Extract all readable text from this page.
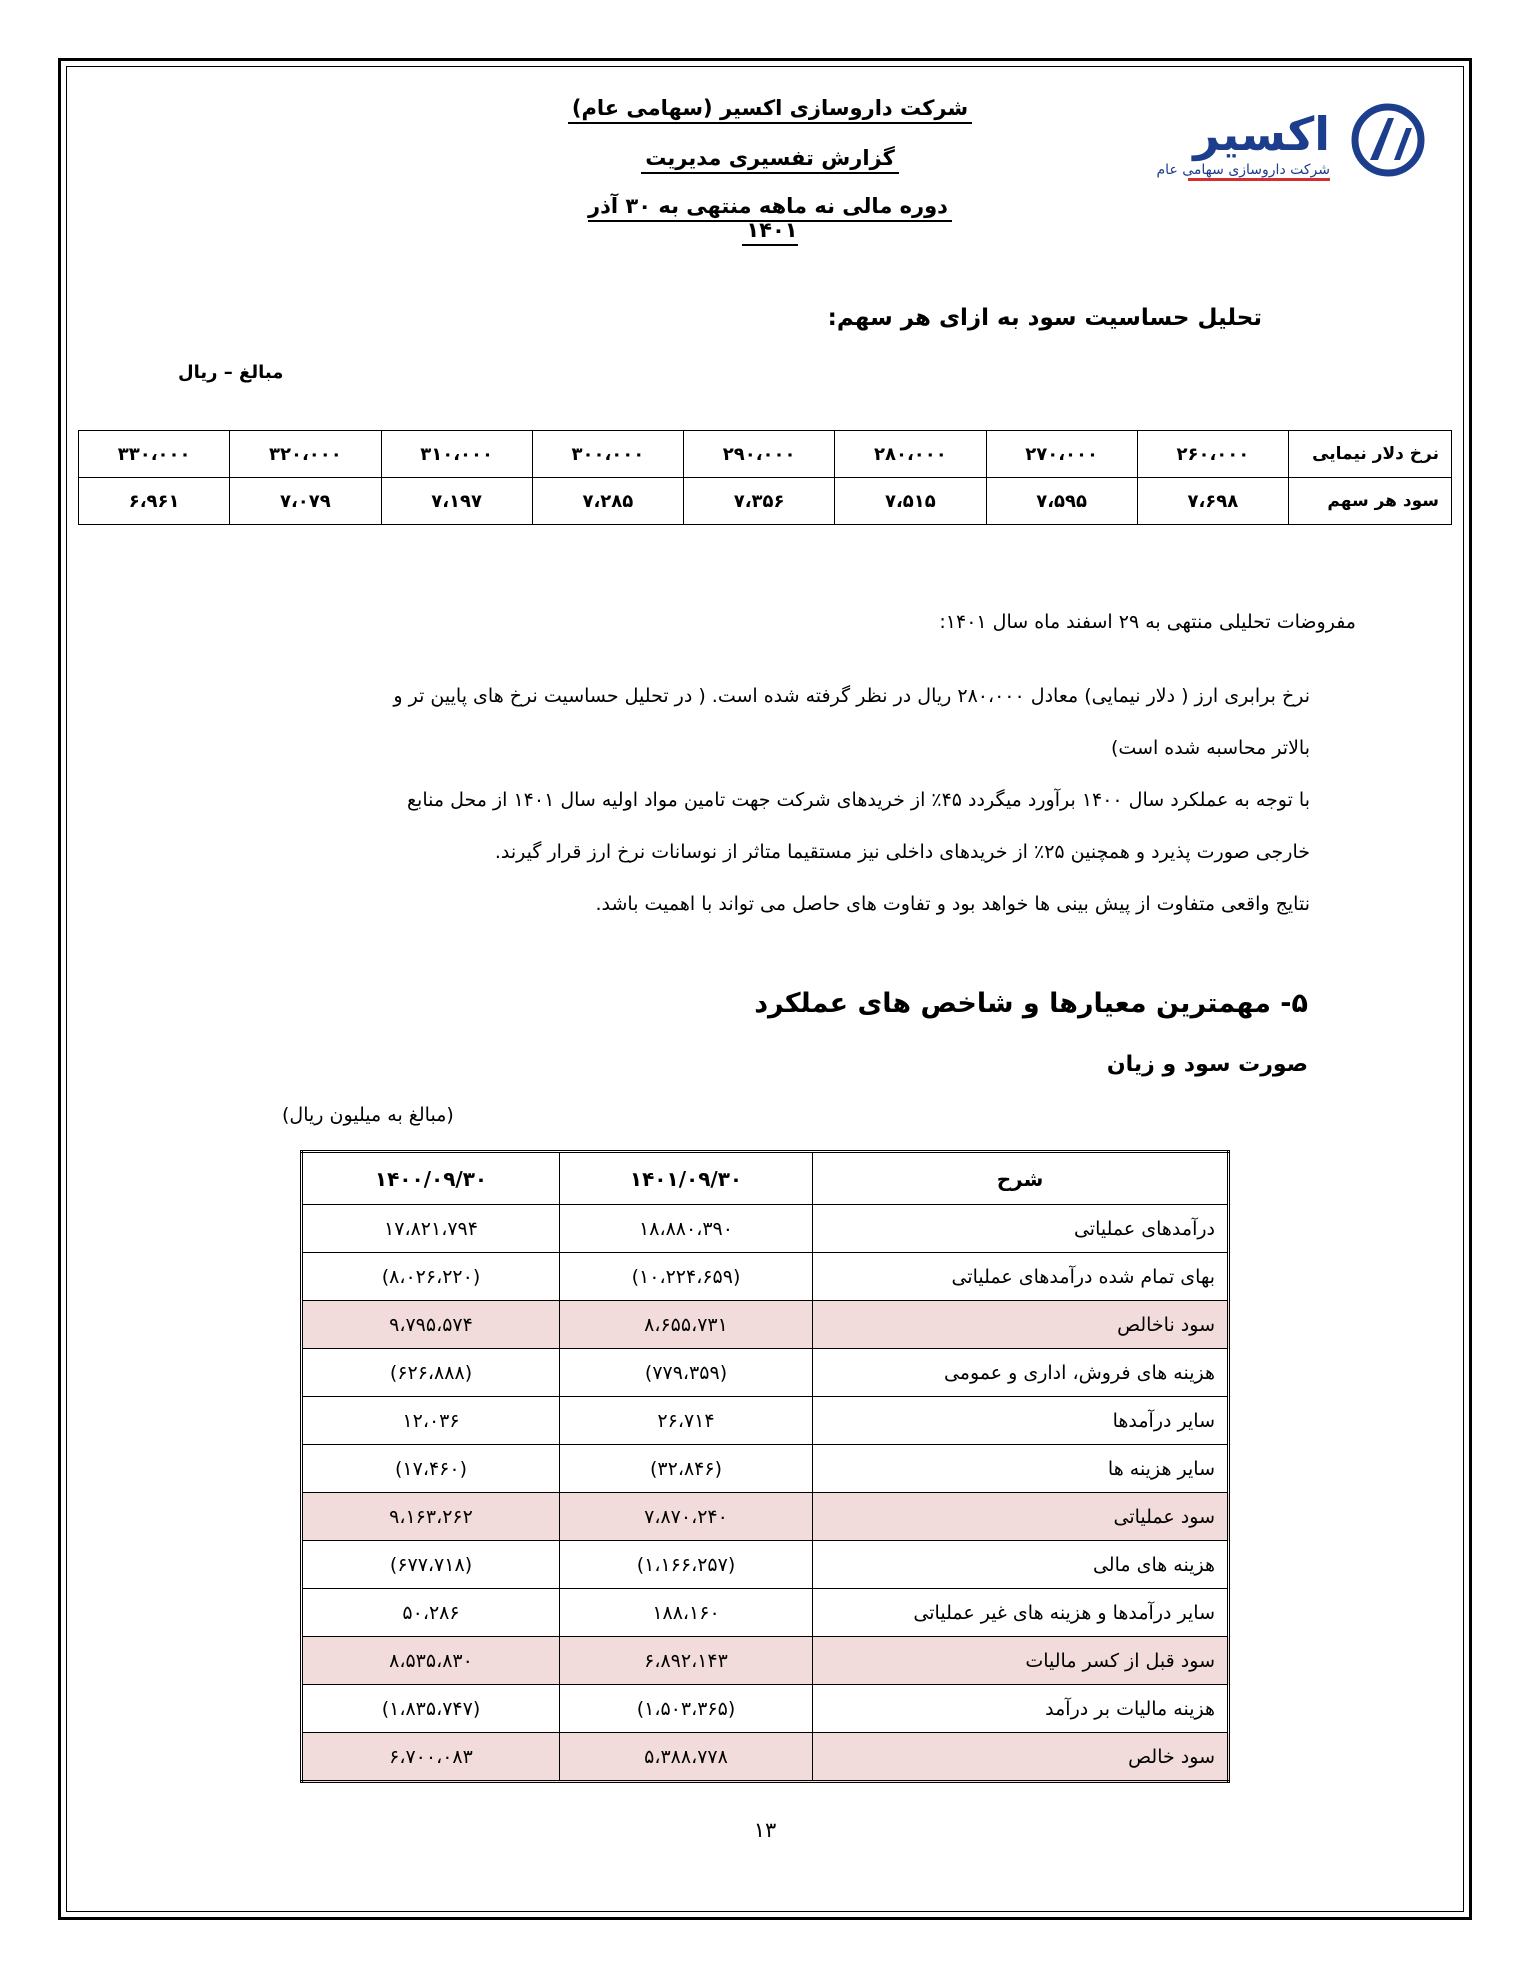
شرکت داروسازی اکسیر (سهامی عام)
گزارش تفسیری مدیریت
دوره مالی نه ماهه منتهی به ۳۰ آذر ۱۴۰۱
اکسیر
شرکت داروسازی سهامی عام
تحلیل حساسیت سود به ازای هر سهم:
مبالغ – ریال
نرخ دلار نیمایی	۲۶۰،۰۰۰	۲۷۰،۰۰۰	۲۸۰،۰۰۰	۲۹۰،۰۰۰	۳۰۰،۰۰۰	۳۱۰،۰۰۰	۳۲۰،۰۰۰	۳۳۰،۰۰۰
سود هر سهم	۷،۶۹۸	۷،۵۹۵	۷،۵۱۵	۷،۳۵۶	۷،۲۸۵	۷،۱۹۷	۷،۰۷۹	۶،۹۶۱
مفروضات تحلیلی منتهی به ۲۹ اسفند ماه سال ۱۴۰۱:
نرخ برابری ارز ( دلار نیمایی) معادل ۲۸۰،۰۰۰ ریال در نظر گرفته شده است. ( در تحلیل حساسیت نرخ های پایین تر و
بالاتر محاسبه شده است)
با توجه به عملکرد سال ۱۴۰۰ برآورد میگردد ۴۵٪ از خریدهای شرکت جهت تامین مواد اولیه سال ۱۴۰۱ از محل منابع
خارجی صورت پذیرد و همچنین ۲۵٪ از خریدهای داخلی نیز مستقیما متاثر از نوسانات نرخ ارز قرار گیرند.
نتایج واقعی متفاوت از پیش بینی ها خواهد بود و تفاوت های حاصل می تواند با اهمیت باشد.
۵- مهمترین معیارها و شاخص های عملکرد
صورت سود و زیان
(مبالغ به میلیون ریال)
شرح	۱۴۰۱/۰۹/۳۰	۱۴۰۰/۰۹/۳۰
درآمدهای عملیاتی	۱۸،۸۸۰،۳۹۰	۱۷،۸۲۱،۷۹۴
بهای تمام شده درآمدهای عملیاتی	(۱۰،۲۲۴،۶۵۹)	(۸،۰۲۶،۲۲۰)
سود ناخالص	۸،۶۵۵،۷۳۱	۹،۷۹۵،۵۷۴
هزینه های فروش، اداری و عمومی	(۷۷۹،۳۵۹)	(۶۲۶،۸۸۸)
سایر درآمدها	۲۶،۷۱۴	۱۲،۰۳۶
سایر هزینه ها	(۳۲،۸۴۶)	(۱۷،۴۶۰)
سود عملیاتی	۷،۸۷۰،۲۴۰	۹،۱۶۳،۲۶۲
هزینه های مالی	(۱،۱۶۶،۲۵۷)	(۶۷۷،۷۱۸)
سایر درآمدها و هزینه های غیر عملیاتی	۱۸۸،۱۶۰	۵۰،۲۸۶
سود قبل از کسر مالیات	۶،۸۹۲،۱۴۳	۸،۵۳۵،۸۳۰
هزینه مالیات بر درآمد	(۱،۵۰۳،۳۶۵)	(۱،۸۳۵،۷۴۷)
سود خالص	۵،۳۸۸،۷۷۸	۶،۷۰۰،۰۸۳
۱۳
